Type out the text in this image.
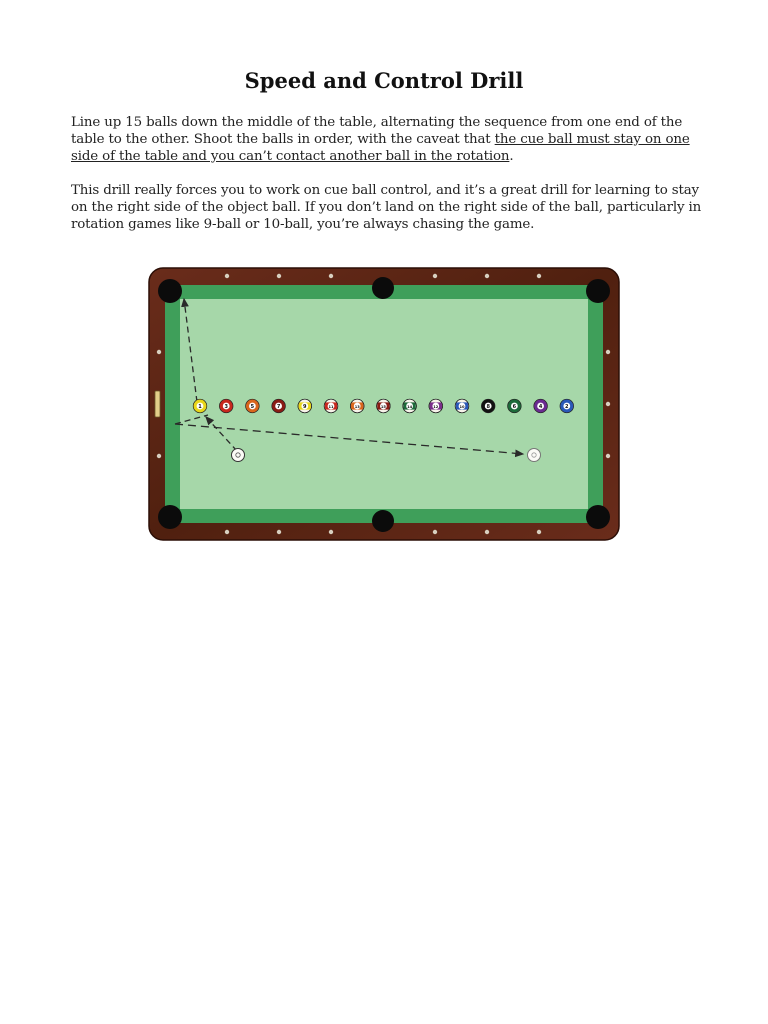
Speed and Control Drill

Line up 15 balls down the middle of the table, alternating the sequence from one end of the table to the other. Shoot the balls in order, with the caveat that the cue ball must stay on one side of the table and you can’t contact another ball in the rotation.

This drill really forces you to work on cue ball control, and it’s a great drill for learning to stay on the right side of the object ball. If you don’t land on the right side of the ball, particularly in rotation games like 9-ball or 10-ball, you’re always chasing the game.

1	3	5	7	9	11	13	15	14	12	10	8	6	4	2
